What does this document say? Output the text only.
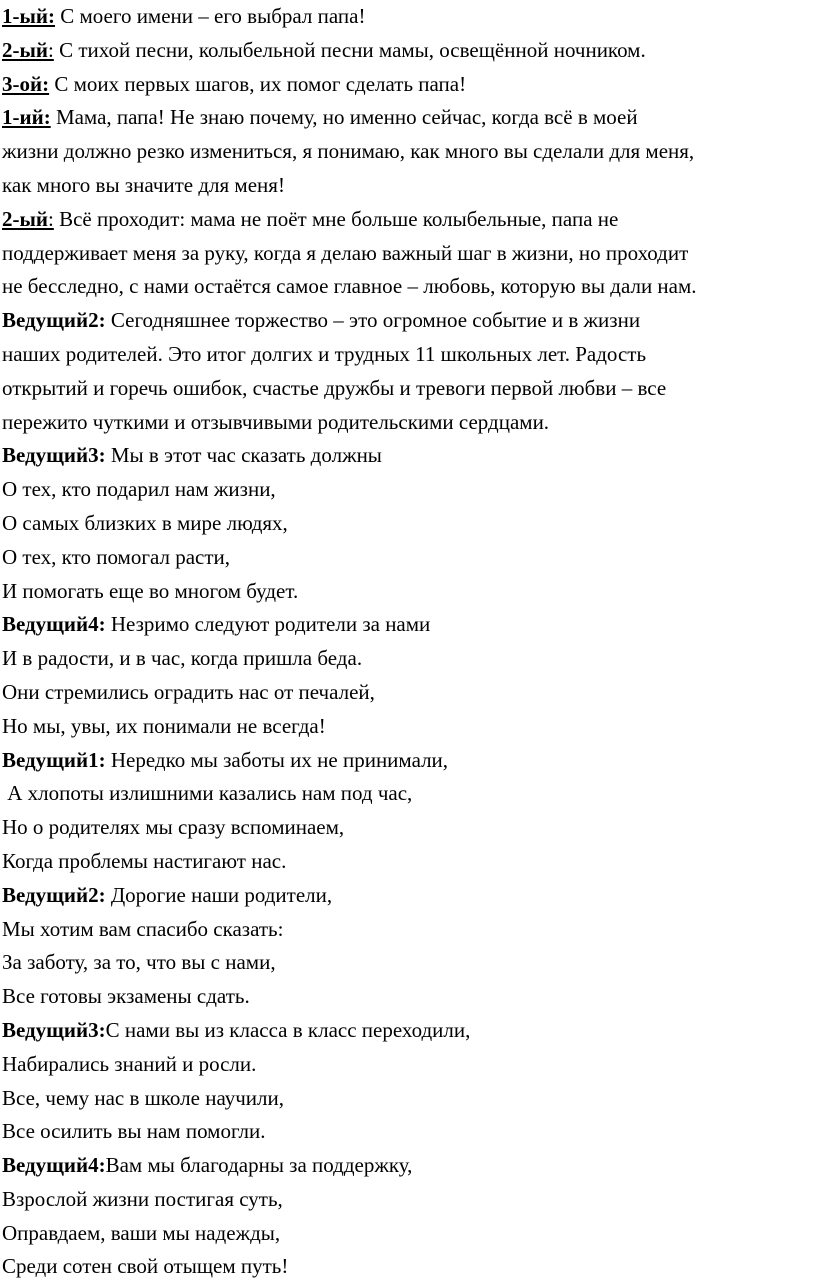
1-ый: С моего имени – его выбрал папа!
2-ый: С тихой песни, колыбельной песни мамы, освещённой ночником.
3-ой: С моих первых шагов, их помог сделать папа!
1-ий: Мама, папа! Не знаю почему, но именно сейчас, когда всё в моей
жизни должно резко измениться, я понимаю, как много вы сделали для меня,
как много вы значите для меня!
2-ый: Всё проходит: мама не поёт мне больше колыбельные, папа не
поддерживает меня за руку, когда я делаю важный шаг в жизни, но проходит
не бесследно, с нами остаётся самое главное – любовь, которую вы дали нам.
Ведущий2: Сегодняшнее торжество – это огромное событие и в жизни
наших родителей. Это итог долгих и трудных 11 школьных лет. Радость
открытий и горечь ошибок, счастье дружбы и тревоги первой любви – все
пережито чуткими и отзывчивыми родительскими сердцами.
Ведущий3: Мы в этот час сказать должны
О тех, кто подарил нам жизни,
О самых близких в мире людях,
О тех, кто помогал расти,
И помогать еще во многом будет.
Ведущий4: Незримо следуют родители за нами
И в радости, и в час, когда пришла беда.
Они стремились оградить нас от печалей,
Но мы, увы, их понимали не всегда!
Ведущий1: Нередко мы заботы их не принимали,
А хлопоты излишними казались нам под час,
Но о родителях мы сразу вспоминаем,
Когда проблемы настигают нас.
Ведущий2: Дорогие наши родители,
Мы хотим вам спасибо сказать:
За заботу, за то, что вы с нами,
Все готовы экзамены сдать.
Ведущий3:С нами вы из класса в класс переходили,
Набирались знаний и росли.
Все, чему нас в школе научили,
Все осилить вы нам помогли.
Ведущий4:Вам мы благодарны за поддержку,
Взрослой жизни постигая суть,
Оправдаем, ваши мы надежды,
Среди сотен свой отыщем путь!
